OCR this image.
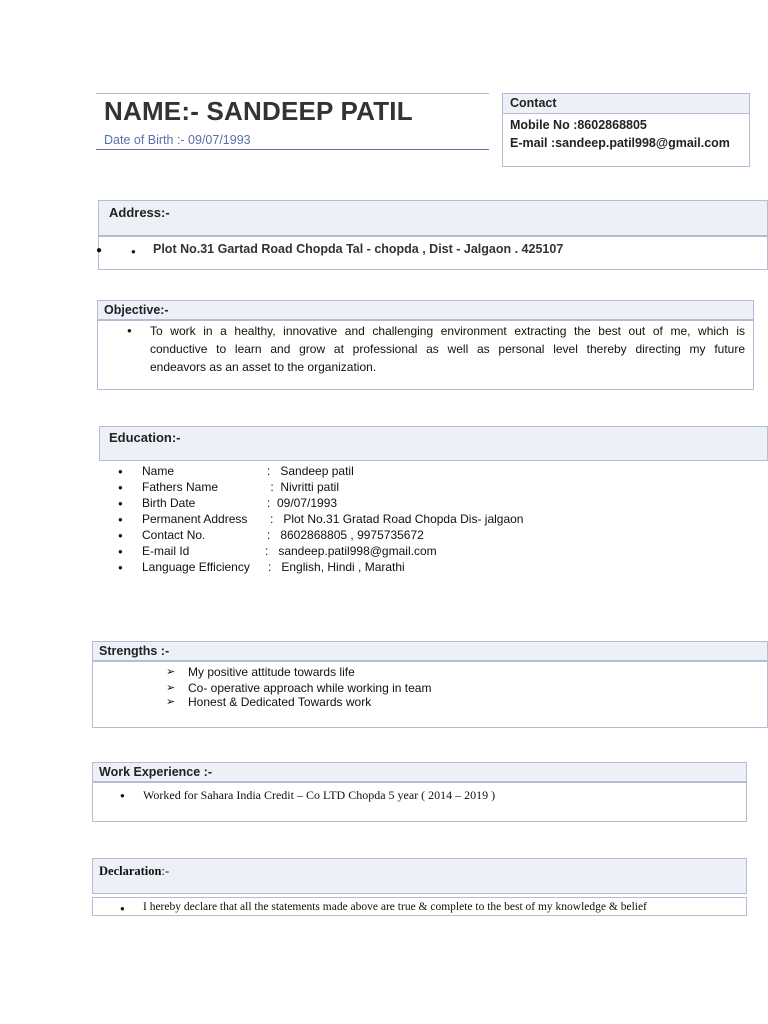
NAME:- SANDEEP PATIL
Date of Birth :- 09/07/1993
Contact
Mobile No :8602868805
E-mail :sandeep.patil998@gmail.com
Address:-
●	● Plot No.31 Gartad Road Chopda Tal - chopda , Dist - Jalgaon . 425107
Objective:-
● To work in a healthy, innovative and challenging environment extracting the best out of me, which is
conductive to learn and grow at professional as well as personal level thereby directing my future
endeavors as an asset to the organization.
Education:-
● Name	:   Sandeep patil
● Fathers Name	:  Nivritti patil
● Birth Date	:  09/07/1993
● Permanent Address :   Plot No.31 Gratad Road Chopda Dis- jalgaon
● Contact No.	:   8602868805 , 9975735672
● E-mail Id	:   sandeep.patil998@gmail.com
● Language Efficiency :   English, Hindi , Marathi
Strengths :-
➢ My positive attitude towards life
➢ Co- operative approach while working in team
➢ Honest & Dedicated Towards work
Work Experience :-
● Worked for Sahara India Credit – Co LTD Chopda 5 year ( 2014 – 2019 )
Declaration:-
● I hereby declare that all the statements made above are true & complete to the best of my knowledge & belief
